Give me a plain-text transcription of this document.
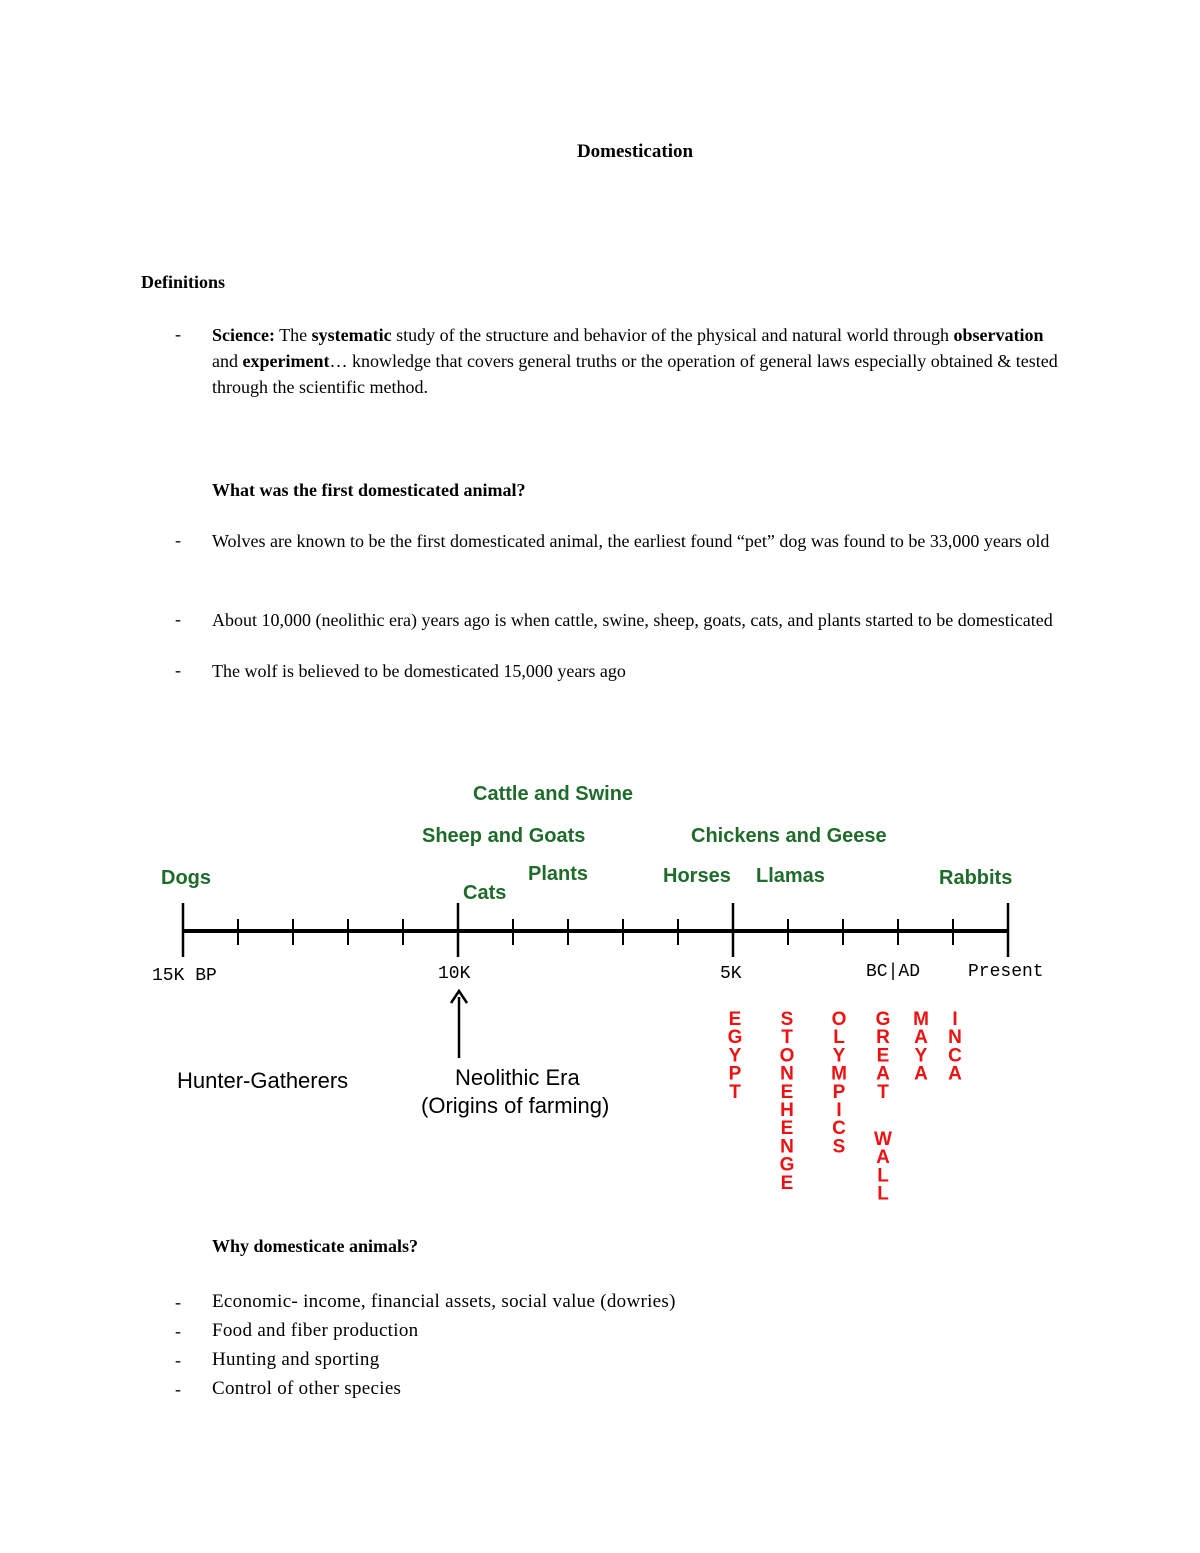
Domestication

Definitions

- Science: The systematic study of the structure and behavior of the physical and natural world through observation and experiment… knowledge that covers general truths or the operation of general laws especially obtained & tested through the scientific method.

What was the first domesticated animal?

- Wolves are known to be the first domesticated animal, the earliest found “pet” dog was found to be 33,000 years old

- About 10,000 (neolithic era) years ago is when cattle, swine, sheep, goats, cats, and plants started to be domesticated

- The wolf is believed to be domesticated 15,000 years ago

15K BP	10K	5K	BC|AD	Present
Dogs
Cats
Plants
Sheep and Goats
Cattle and Swine
Horses Llamas
Chickens and Geese
Rabbits
Hunter-Gatherers	Neolithic Era
(Origins of farming)
E G Y P T
S T O N E H E N G E
O L Y M P I C S
G R E A T
W A L L
M A Y A
I N C A

Why domesticate animals?

- Economic- income, financial assets, social value (dowries)

- Food and fiber production

- Hunting and sporting

- Control of other species
